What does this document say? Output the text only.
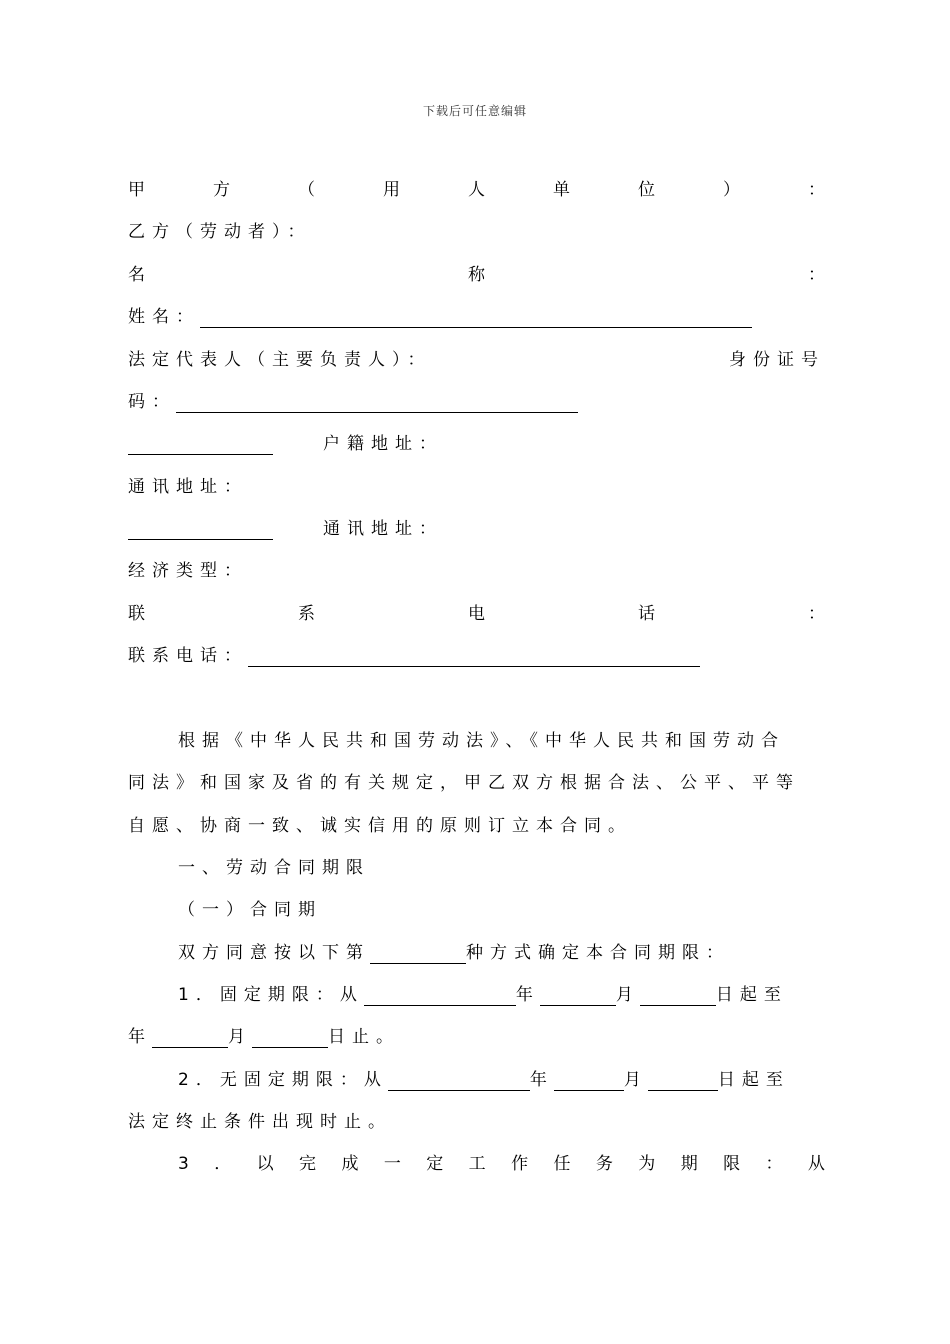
下载后可任意编辑
甲	方	（	用	人	单	位	）	：
乙方（劳动者）：
名	称	：
姓名：
法定代表人（主要负责人）：	身份证号
码：
户籍地址：
通讯地址：
通讯地址：
经济类型：
联	系	电	话	：
联系电话：
根据《中华人民共和国劳动法》、《中华人民共和国劳动合
同法》和国家及省的有关规定，甲乙双方根据合法、公平、平等
自愿、协商一致、诚实信用的原则订立本合同。
一、劳动合同期限
（一）合同期
双方同意按以下第	种方式确定本合同期限：
1．固定期限：从	年	月	日起至
年	月	日止。
2．无固定期限：从	年	月	日起至
法定终止条件出现时止。
3 ． 以 完 成 一 定 工 作 任 务 为 期 限 ： 从
